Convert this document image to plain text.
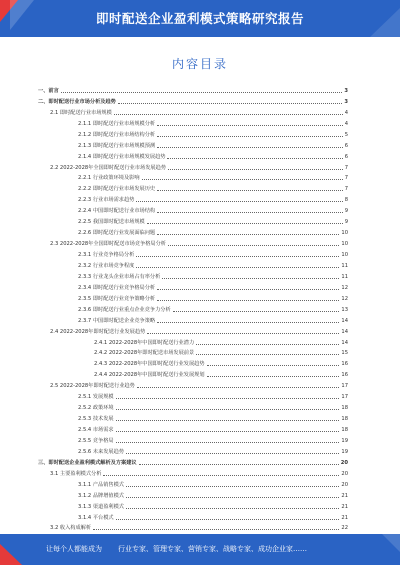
即时配送企业盈利模式策略研究报告
内容目录
一、前言	3
二、即时配送行业市场分析及趋势	3
2.1 即时配送行业市场规模	4
2.1.1 即时配送行业市场规模分析	4
2.1.2 即时配送行业市场结构分析	5
2.1.3 即时配送行业市场规模预测	6
2.1.4 即时配送行业市场规模发展趋势	6
2.2 2022-2028年全国即时配送行业市场发展趋势	7
2.2.1 行业政策环境及影响	7
2.2.2 即时配送行业市场发展历史	7
2.2.3 行业市场需求趋势	8
2.2.4 中国即时配送行业市场结构	9
2.2.5 我国即时配送市场规模	9
2.2.6 即时配送行业发展面临问题	10
2.3 2022-2028年全国即时配送市场竞争格局分析	10
2.3.1 行业竞争格局分析	10
2.3.2 行业市场竞争程度	11
2.3.3 行业龙头企业市场占有率分析	11
2.3.4 即时配送行业竞争格局分析	12
2.3.5 即时配送行业竞争策略分析	12
2.3.6 即时配送行业重点企业竞争力分析	13
2.3.7 中国即时配送企业竞争策略	14
2.4 2022-2028年即时配送行业发展趋势	14
2.4.1 2022-2028年中国即时配送行业潜力	14
2.4.2 2022-2028年即时配送市场发展前景	15
2.4.3 2022-2028年中国即时配送行业发展趋势	16
2.4.4 2022-2028年中国即时配送行业发展规划	16
2.5 2022-2028年即时配送行业趋势	17
2.5.1 发展规模	17
2.5.2 政策环境	18
2.5.3 技术发展	18
2.5.4 市场需求	18
2.5.5 竞争格局	19
2.5.6 未来发展趋势	19
三、即时配送企业盈利模式解析及方案建议	20
3.1 主要盈利模式分析	20
3.1.1 产品销售模式	20
3.1.2 品牌增值模式	21
3.1.3 渠道盈利模式	21
3.1.4 平台模式	21
3.2 收入构成解析	22
让每个人都能成为 行业专家、管理专家、营销专家、战略专家、成功企业家……
